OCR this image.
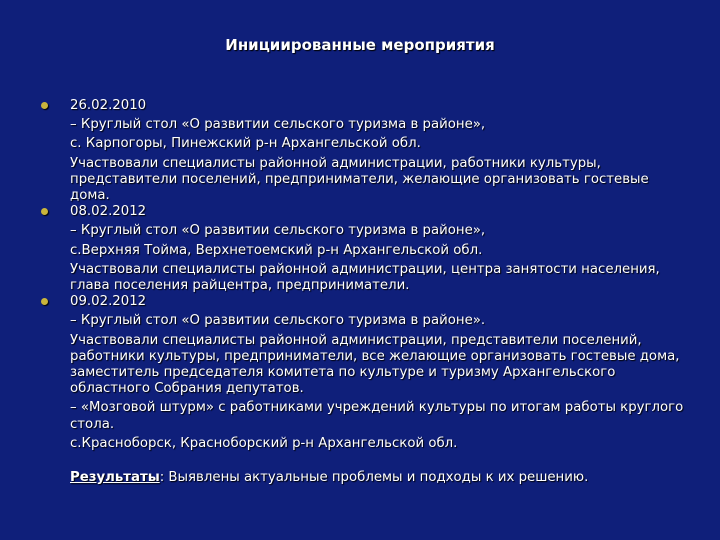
Инициированные мероприятия
26.02.2010
– Круглый стол «О развитии сельского туризма в районе»,
с. Карпогоры, Пинежский р-н Архангельской обл.
Участвовали специалисты районной администрации, работники культуры, представители поселений, предприниматели, желающие организовать гостевые дома.
08.02.2012
– Круглый стол «О развитии сельского туризма в районе»,
с.Верхняя Тойма, Верхнетоемский р-н Архангельской обл.
Участвовали специалисты районной администрации, центра занятости населения, глава поселения райцентра, предприниматели.
09.02.2012
– Круглый стол «О развитии сельского туризма в районе».
Участвовали специалисты районной администрации, представители поселений, работники культуры, предприниматели, все желающие организовать гостевые дома, заместитель председателя комитета по культуре и туризму Архангельского областного Собрания депутатов.
– «Мозговой штурм» с работниками учреждений культуры по итогам работы круглого стола.
с.Красноборск, Красноборский р-н Архангельской обл.
Результаты: Выявлены актуальные проблемы и подходы к их решению.
